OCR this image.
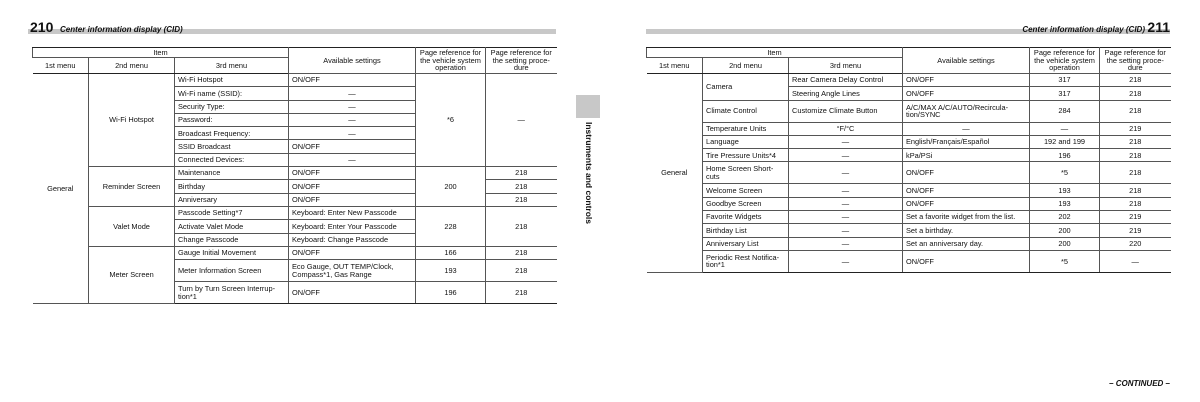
210 Center information display (CID)
Item			Available settings	Page reference for the vehicle system operation	Page reference for the setting proce-dure
1st menu	2nd menu	3rd menu			
General	Wi-Fi Hotspot	Wi-Fi Hotspot	ON/OFF	*6	—
		Wi-Fi name (SSID):	—		
		Security Type:	—		
		Password:	—		
		Broadcast Frequency:	—		
		SSID Broadcast	ON/OFF		
		Connected Devices:	—		
	Reminder Screen	Maintenance	ON/OFF	200	218
		Birthday	ON/OFF		218
		Anniversary	ON/OFF		218
	Valet Mode	Passcode Setting*7	Keyboard: Enter New Passcode	228	218
		Activate Valet Mode	Keyboard: Enter Your Passcode		
		Change Passcode	Keyboard: Change Passcode		
	Meter Screen	Gauge Initial Movement	ON/OFF	166	218
		Meter Information Screen	Eco Gauge, OUT TEMP/Clock, Compass*1, Gas Range	193	218
		Turn by Turn Screen Interrup-tion*1	ON/OFF	196	218
Center information display (CID) 211
Item			Available settings	Page reference for the vehicle system operation	Page reference for the setting proce-dure
1st menu	2nd menu	3rd menu			
General	Camera	Rear Camera Delay Control	ON/OFF	317	218
		Steering Angle Lines	ON/OFF	317	218
	Climate Control	Customize Climate Button	A/C/MAX A/C/AUTO/Recircula-tion/SYNC	284	218
	Temperature Units	°F/°C	—	—	219
	Language	—	English/Français/Español	192 and 199	218
	Tire Pressure Units*4	—	kPa/PSi	196	218
	Home Screen Short-cuts	—	ON/OFF	*5	218
	Welcome Screen	—	ON/OFF	193	218
	Goodbye Screen	—	ON/OFF	193	218
	Favorite Widgets	—	Set a favorite widget from the list.	202	219
	Birthday List	—	Set a birthday.	200	219
	Anniversary List	—	Set an anniversary day.	200	220
	Periodic Rest Notifica-tion*1	—	ON/OFF	*5	—
Instruments and controls
– CONTINUED –
